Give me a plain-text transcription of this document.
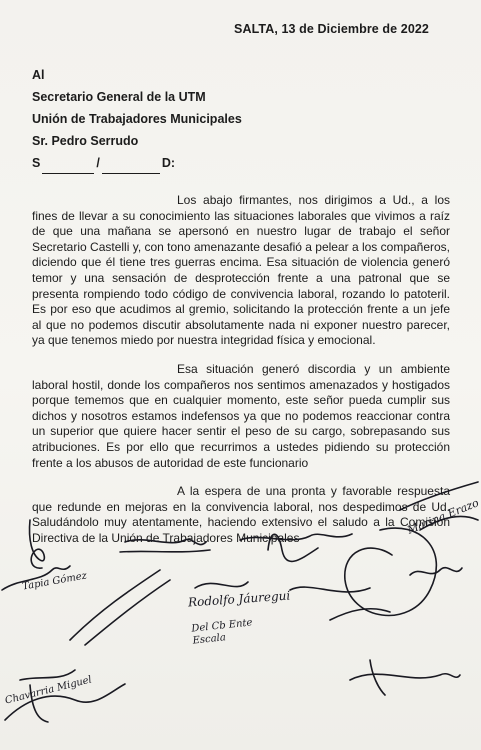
SALTA, 13 de Diciembre de 2022
Al
Secretario General de la UTM
Unión de Trabajadores Municipales
Sr. Pedro Serrudo
S	/	D:

Los abajo firmantes, nos dirigimos a Ud., a los fines de llevar a su conocimiento las situaciones laborales que vivimos a raíz de que una mañana se apersonó en nuestro lugar de trabajo el señor Secretario Castelli y, con tono amenazante desafió a pelear a los compañeros, diciendo que él tiene tres guerras encima. Esa situación de violencia generó temor y una sensación de desprotección frente a una patronal que se presenta rompiendo todo código de convivencia laboral, rozando lo patoteril. Es por eso que acudimos al gremio, solicitando la protección frente a un jefe al que no podemos discutir absolutamente nada ni exponer nuestro parecer, ya que tenemos miedo por nuestra integridad física y emocional.

Esa situación generó discordia y un ambiente laboral hostil, donde los compañeros nos sentimos amenazados y hostigados porque tememos que en cualquier momento, este señor pueda cumplir sus dichos y nosotros estamos indefensos ya que no podemos reaccionar contra un superior que quiere hacer sentir el peso de su cargo, sobrepasando sus atribuciones. Es por ello que recurrimos a ustedes pidiendo su protección frente a los abusos de autoridad de este funcionario

A la espera de una pronta y favorable respuesta que redunde en mejoras en la convivencia laboral, nos despedimos de Ud. Saludándolo muy atentamente, haciendo extensivo el saludo a la Comisión Directiva de la Unión de Trabajadores Municipales

Rodolfo Jáuregui
Chavarria Miguel
Tapia Gómez
Marina Erazo
Del Cb Ente Escala
